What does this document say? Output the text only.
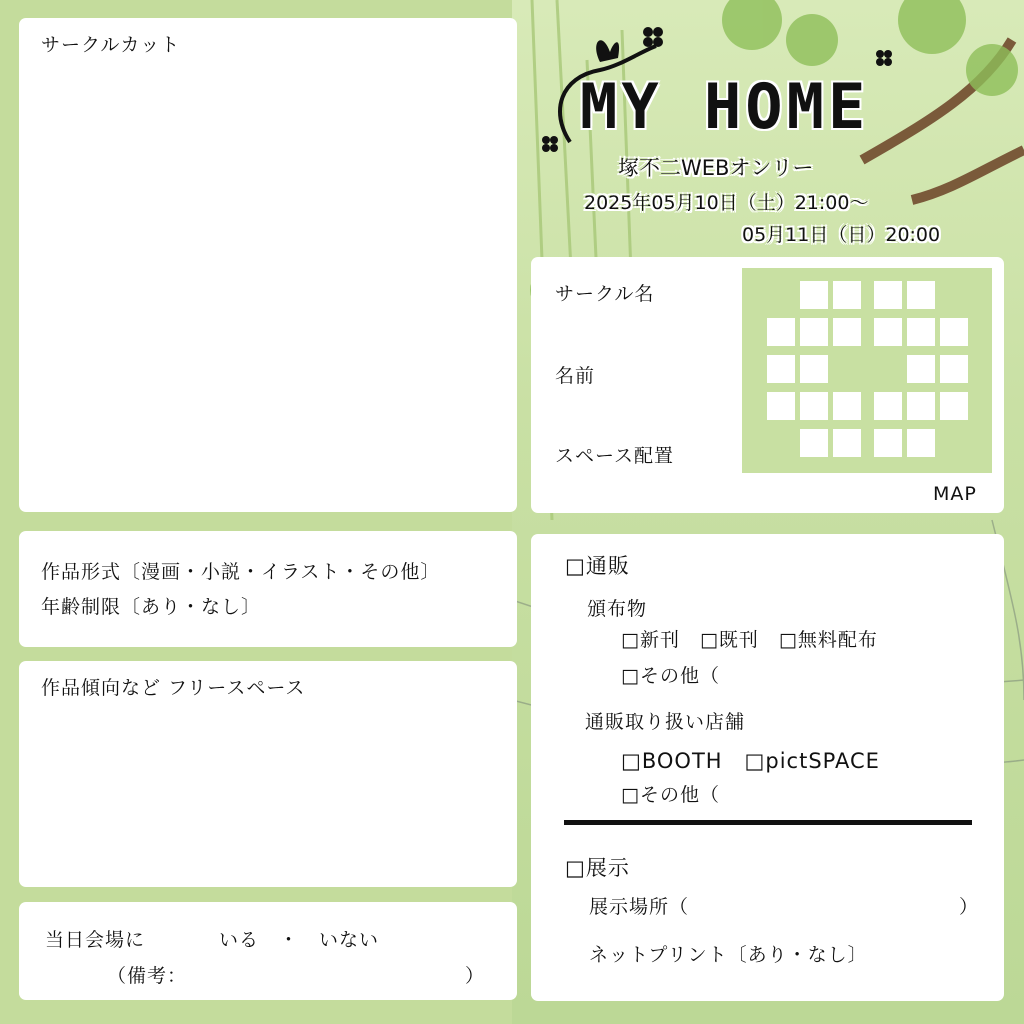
サークルカット
作品形式〔漫画・小説・イラスト・その他〕
年齢制限〔あり・なし〕
作品傾向など フリースペース
当日会場に	いる　・　いない
（備考：	）
MY HOME
塚不二WEBオンリー
2025年05月10日（土）21:00～
05月11日（日）20:00
サークル名
名前
スペース配置
MAP
□通販
頒布物
□新刊　□既刊　□無料配布
□その他（
通販取り扱い店舗
□BOOTH　□pictSPACE
□その他（
□展示
展示場所（	）
ネットプリント〔あり・なし〕
